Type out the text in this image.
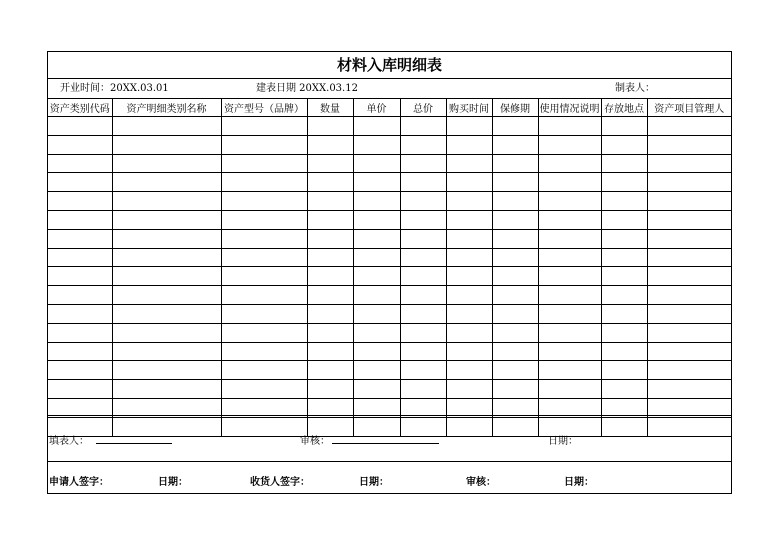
材料入库明细表
开业时间：20XX.03.01	建表日期 20XX.03.12	制表人：
资产类别代码	资产明细类别名称	资产型号（品牌）	数量	单价	总价	购买时间	保修期	使用情况说明	存放地点	资产项目管理人

填表人：	审核：	日期：
申请人签字：	日期：	收货人签字：	日期：	审核：	日期：
